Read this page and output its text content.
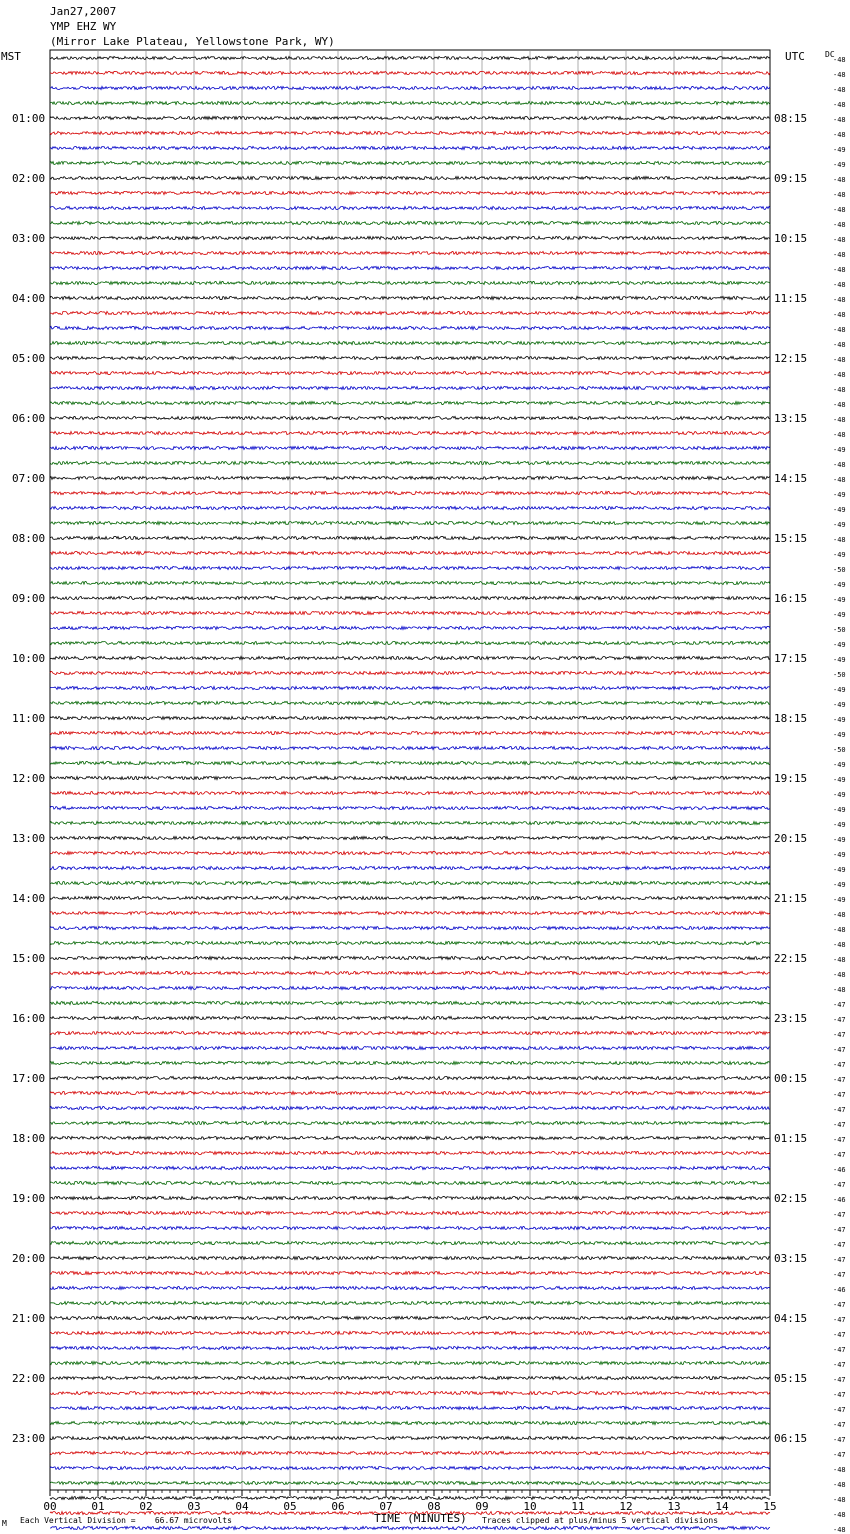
Jan27,2007
YMP EHZ WY
(Mirror Lake Plateau, Yellowstone Park, WY)
MST	UTC	DC
-48
-48
-48
-48
-48
-48
-49
-49
-48
-48
-48
-48
-48
-48
-48
-48
-48
-48
-48
-48
-48
-48
-48
-48
-48
-48
-49
-48
-48
-49
-49
-49
-48
-49
-50
-49
-49
-49
-50
-49
-49
-50
-49
-49
-49
-49
-50
-49
-49
-49
-49
-49
-49
-49
-49
-49
-49
-48
-48
-48
-48
-48
-48
-47
-47
-47
-47
-47
-47
-47
-47
-47
-47
-47
-46
-47
-46
-47
-47
-47
-47
-47
-46
-47
-47
-47
-47
-47
-47
-47
-47
-47
-47
-47
-48
-48
-48
-48
-48
01:00	08:15
02:00	09:15
03:00	10:15
04:00	11:15
05:00	12:15
06:00	13:15
07:00	14:15
08:00	15:15
09:00	16:15
10:00	17:15
11:00	18:15
12:00	19:15
13:00	20:15
14:00	21:15
15:00	22:15
16:00	23:15
17:00	00:15
18:00	01:15
19:00	02:15
20:00	03:15
21:00	04:15
22:00	05:15
23:00	06:15
00	01	02	03	04	05	06	07	08	09	10	11	12	13	14	15
M Each Vertical Division =    66.67 microvolts	TIME (MINUTES) Traces clipped at plus/minus 5 vertical divisions
